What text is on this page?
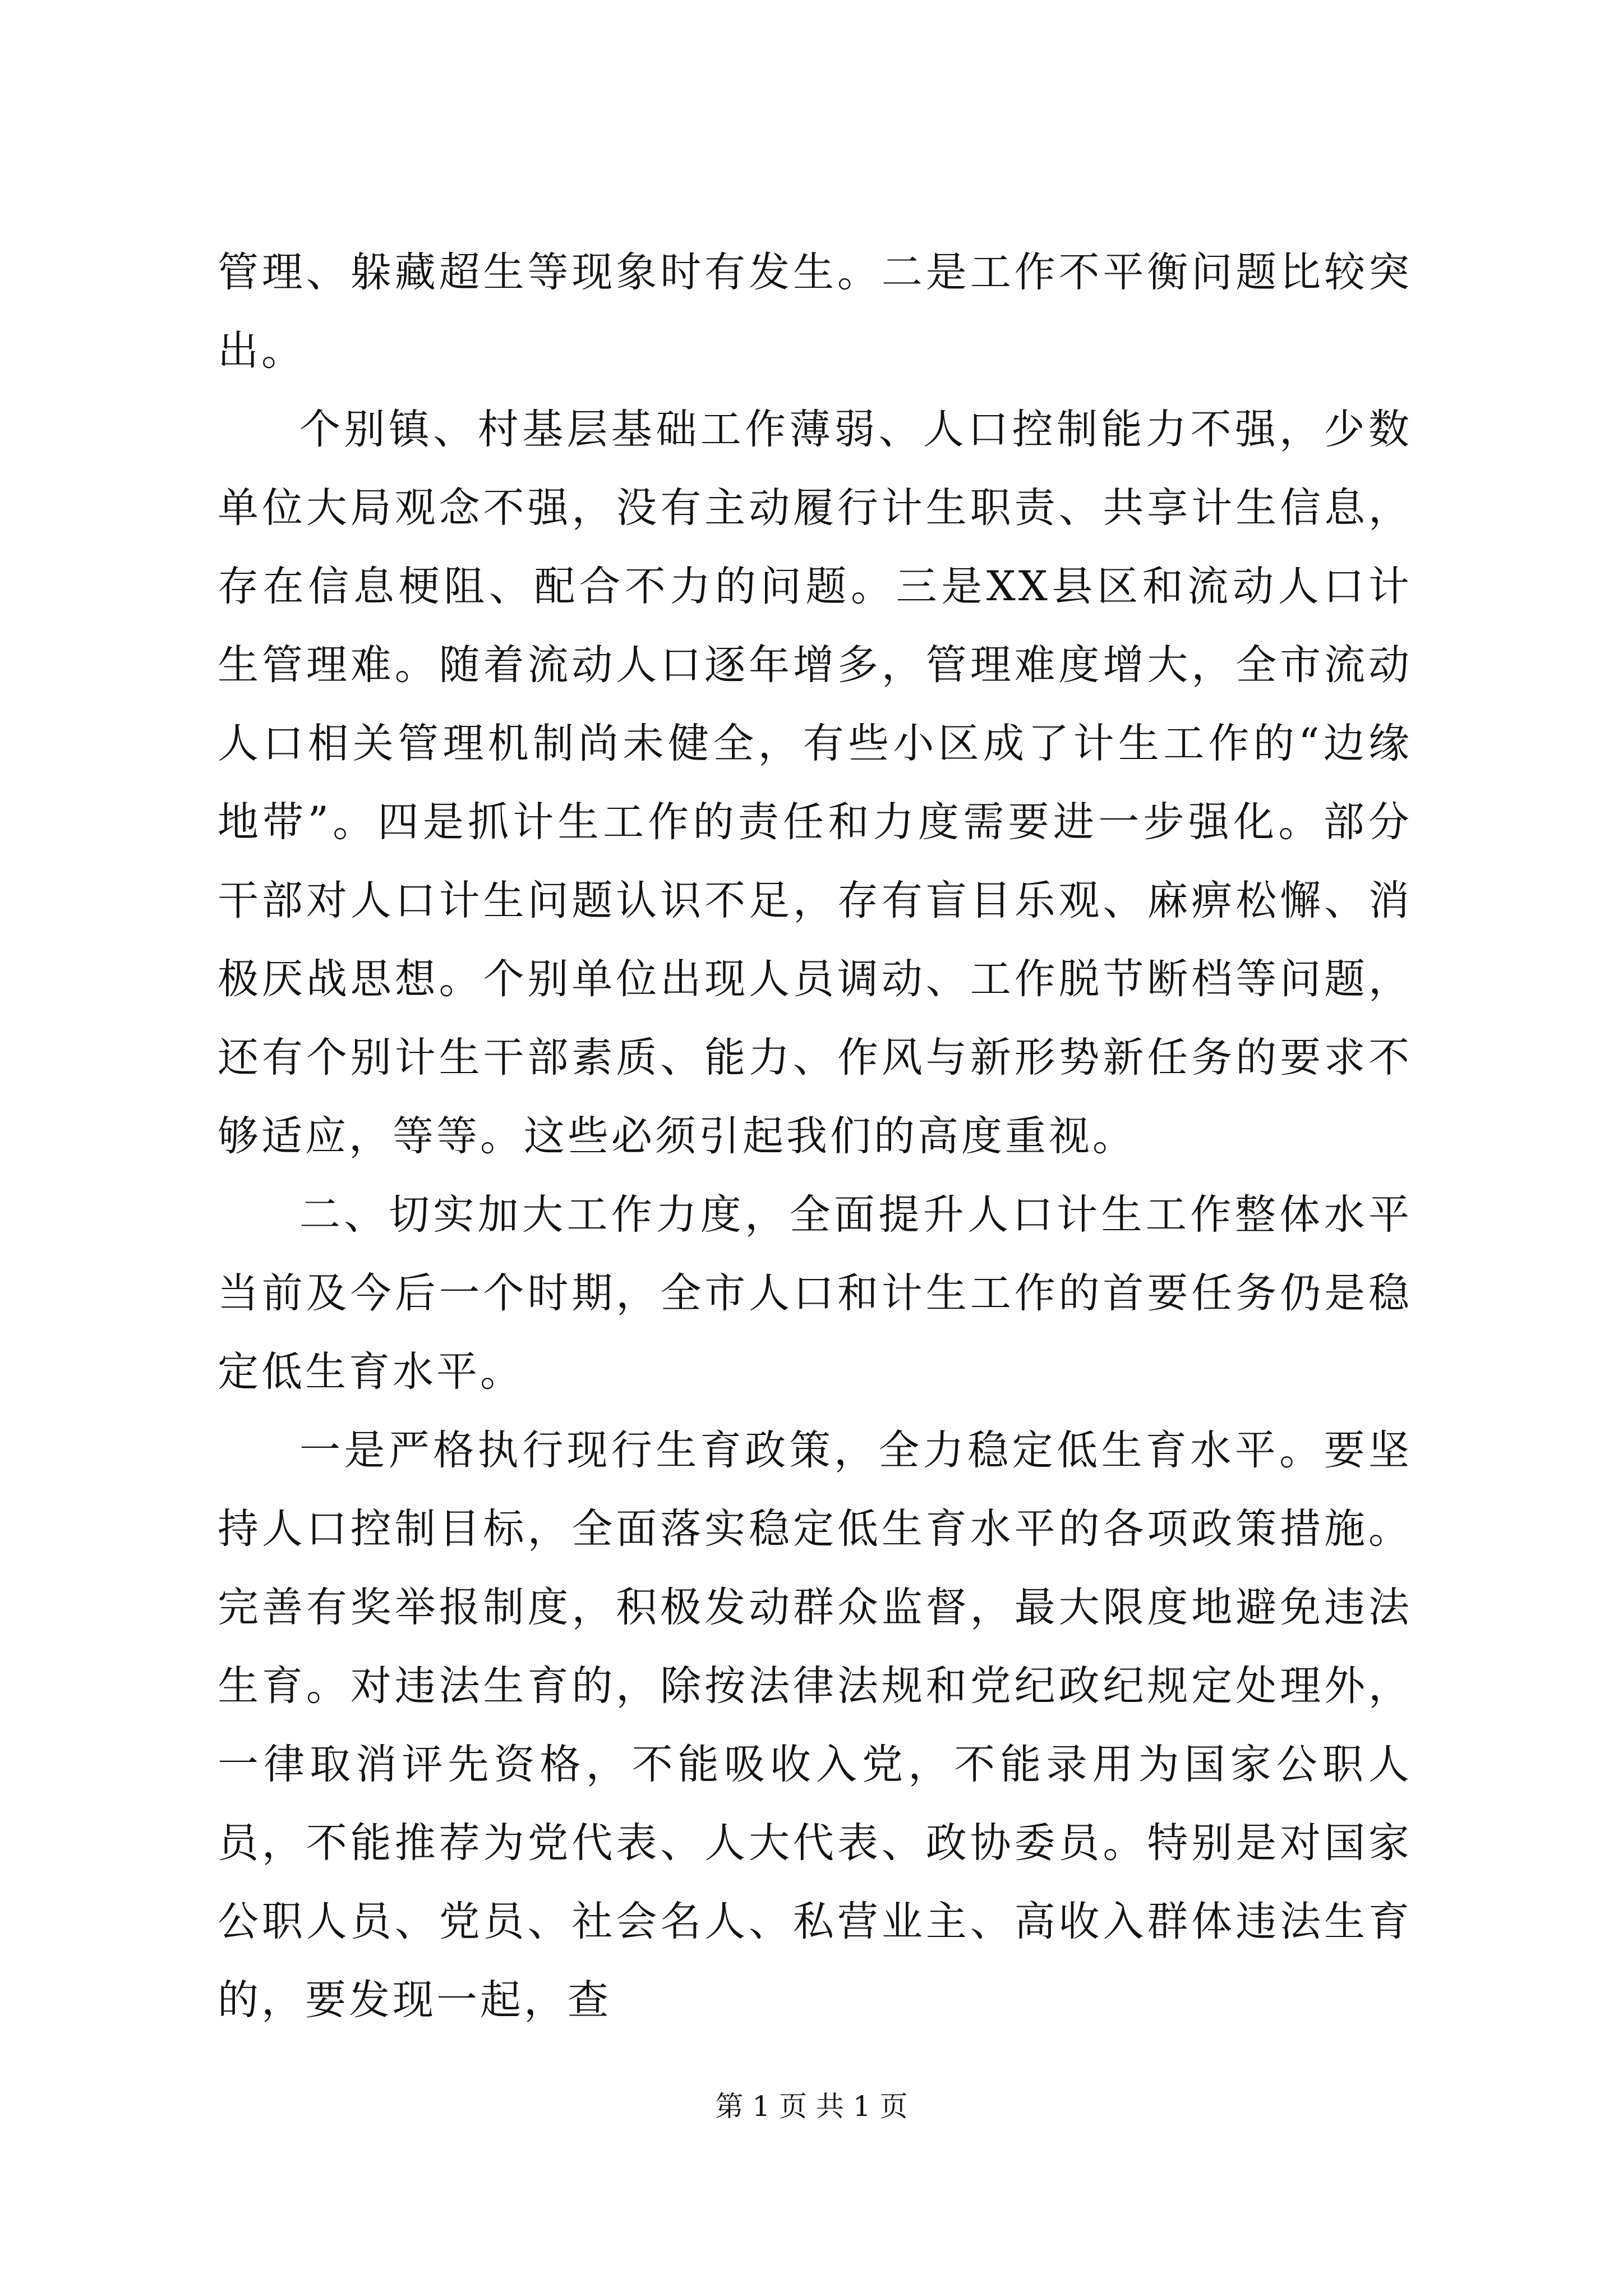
管理、躲藏超生等现象时有发生。二是工作不平衡问题比较突出。

个别镇、村基层基础工作薄弱、人口控制能力不强，少数单位大局观念不强，没有主动履行计生职责、共享计生信息，存在信息梗阻、配合不力的问题。三是XX县区和流动人口计生管理难。随着流动人口逐年增多，管理难度增大，全市流动人口相关管理机制尚未健全，有些小区成了计生工作的“边缘地带”。四是抓计生工作的责任和力度需要进一步强化。部分干部对人口计生问题认识不足，存有盲目乐观、麻痹松懈、消极厌战思想。个别单位出现人员调动、工作脱节断档等问题，还有个别计生干部素质、能力、作风与新形势新任务的要求不够适应，等等。这些必须引起我们的高度重视。

二、切实加大工作力度，全面提升人口计生工作整体水平当前及今后一个时期，全市人口和计生工作的首要任务仍是稳定低生育水平。

一是严格执行现行生育政策，全力稳定低生育水平。要坚持人口控制目标，全面落实稳定低生育水平的各项政策措施。完善有奖举报制度，积极发动群众监督，最大限度地避免违法生育。对违法生育的，除按法律法规和党纪政纪规定处理外，一律取消评先资格，不能吸收入党，不能录用为国家公职人员，不能推荐为党代表、人大代表、政协委员。特别是对国家公职人员、党员、社会名人、私营业主、高收入群体违法生育的，要发现一起，查

第 1 页 共 1 页
